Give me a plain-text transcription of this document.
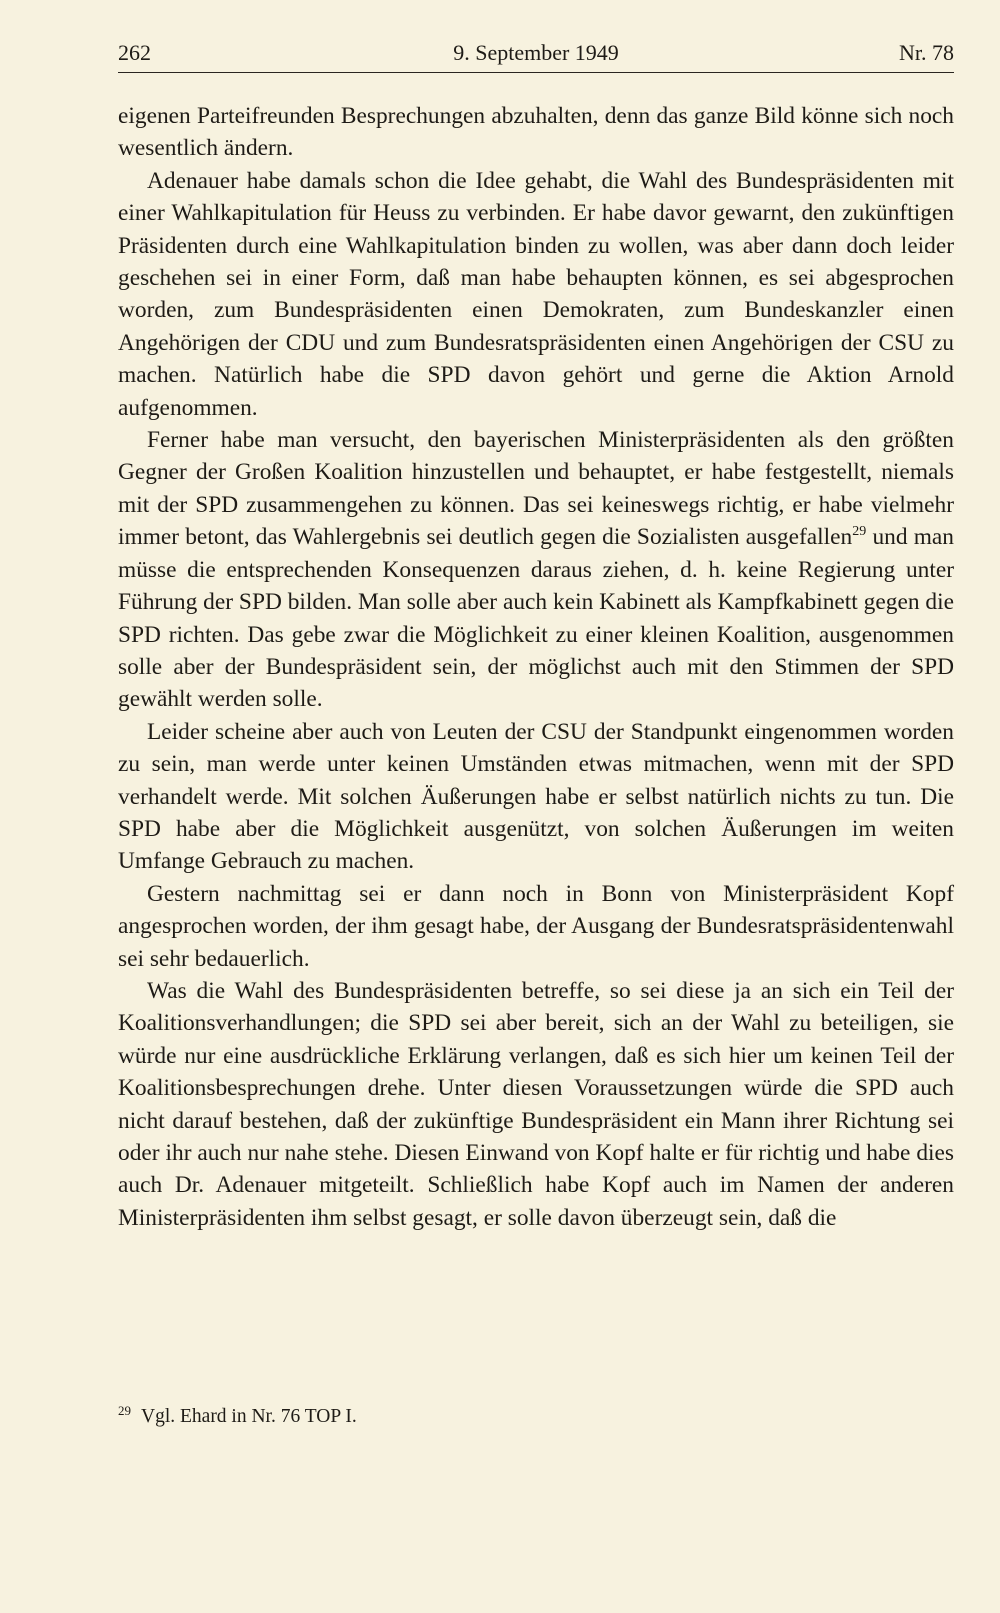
262	9. September 1949	Nr. 78

eigenen Parteifreunden Besprechungen abzuhalten, denn das ganze Bild könne sich noch wesentlich ändern.

Adenauer habe damals schon die Idee gehabt, die Wahl des Bundespräsidenten mit einer Wahlkapitulation für Heuss zu verbinden. Er habe davor gewarnt, den zukünftigen Präsidenten durch eine Wahlkapitulation binden zu wollen, was aber dann doch leider geschehen sei in einer Form, daß man habe behaupten können, es sei abgesprochen worden, zum Bundespräsidenten einen Demokraten, zum Bundeskanzler einen Angehörigen der CDU und zum Bundesratspräsidenten einen Angehörigen der CSU zu machen. Natürlich habe die SPD davon gehört und gerne die Aktion Arnold aufgenommen.

Ferner habe man versucht, den bayerischen Ministerpräsidenten als den größten Gegner der Großen Koalition hinzustellen und behauptet, er habe festgestellt, niemals mit der SPD zusammengehen zu können. Das sei keineswegs richtig, er habe vielmehr immer betont, das Wahlergebnis sei deutlich gegen die Sozialisten ausgefallen$^{29}$ und man müsse die entsprechenden Konsequenzen daraus ziehen, d. h. keine Regierung unter Führung der SPD bilden. Man solle aber auch kein Kabinett als Kampfkabinett gegen die SPD richten. Das gebe zwar die Möglichkeit zu einer kleinen Koalition, ausgenommen solle aber der Bundespräsident sein, der möglichst auch mit den Stimmen der SPD gewählt werden solle.

Leider scheine aber auch von Leuten der CSU der Standpunkt eingenommen worden zu sein, man werde unter keinen Umständen etwas mitmachen, wenn mit der SPD verhandelt werde. Mit solchen Äußerungen habe er selbst natürlich nichts zu tun. Die SPD habe aber die Möglichkeit ausgenützt, von solchen Äußerungen im weiten Umfange Gebrauch zu machen.

Gestern nachmittag sei er dann noch in Bonn von Ministerpräsident Kopf angesprochen worden, der ihm gesagt habe, der Ausgang der Bundesratspräsidentenwahl sei sehr bedauerlich.

Was die Wahl des Bundespräsidenten betreffe, so sei diese ja an sich ein Teil der Koalitionsverhandlungen; die SPD sei aber bereit, sich an der Wahl zu beteiligen, sie würde nur eine ausdrückliche Erklärung verlangen, daß es sich hier um keinen Teil der Koalitionsbesprechungen drehe. Unter diesen Voraussetzungen würde die SPD auch nicht darauf bestehen, daß der zukünftige Bundespräsident ein Mann ihrer Richtung sei oder ihr auch nur nahe stehe. Diesen Einwand von Kopf halte er für richtig und habe dies auch Dr. Adenauer mitgeteilt. Schließlich habe Kopf auch im Namen der anderen Ministerpräsidenten ihm selbst gesagt, er solle davon überzeugt sein, daß die

$^{29}$ Vgl. Ehard in Nr. 76 TOP I.
